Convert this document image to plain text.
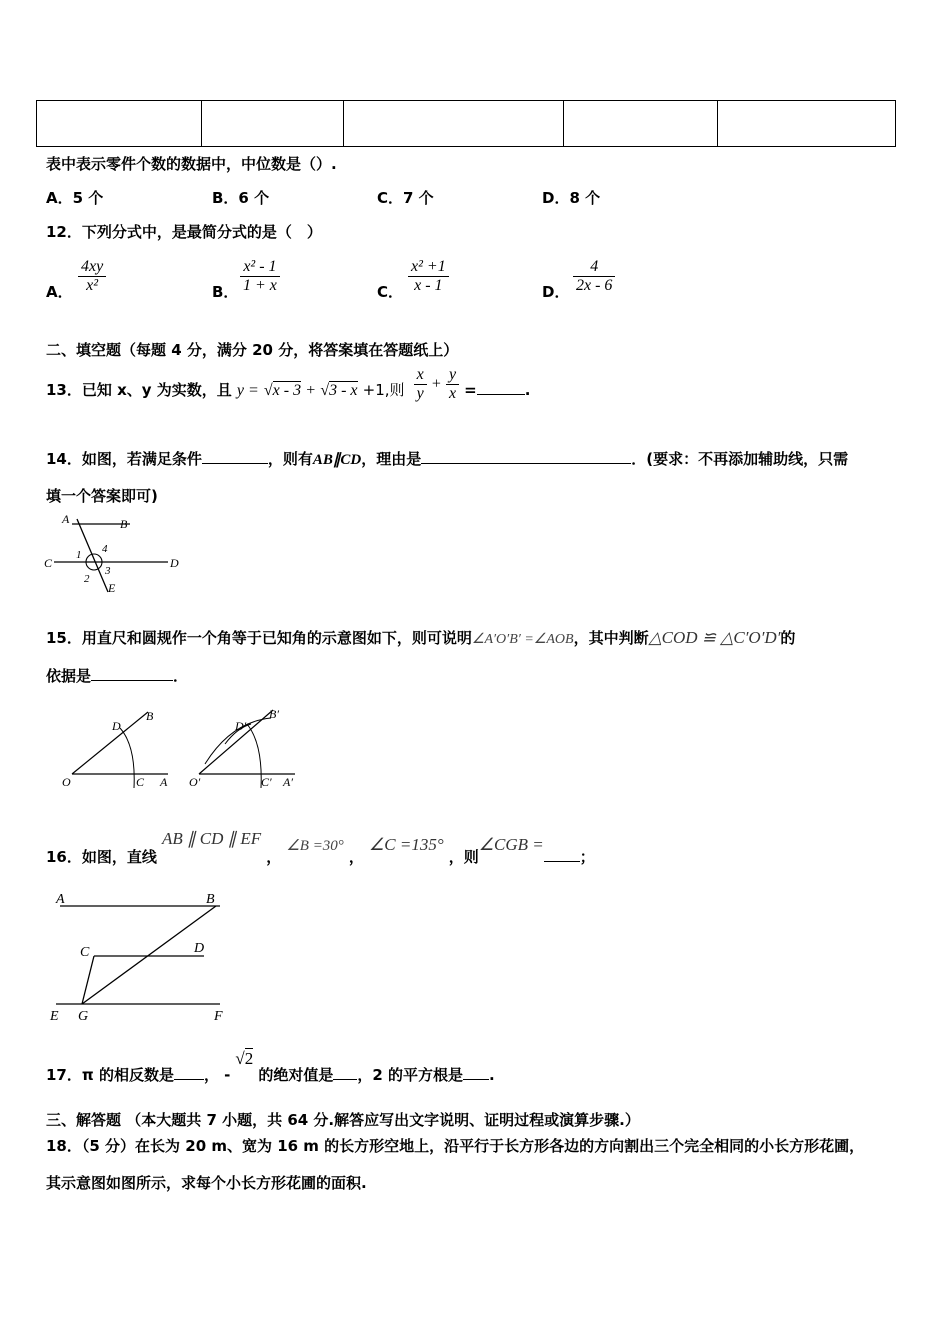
表中表示零件个数的数据中，中位数是（）.
A．5 个	B．6 个	C．7 个	D．8 个
12．下列分式中，是最简分式的是（　）
A． $\frac{4xy}{\text{x²}}$	B． $\frac{\text{x² - 1}}{1 + x}$	C． $\frac{\text{x² +1}}{x - 1}$	D． $\frac{4}{2x - 6}$
二、填空题（每题 4 分，满分 20 分，将答案填在答题纸上）
13．已知 x、y 为实数，且 y = √x - 3 + √3 - x +1,则 $\frac{x}{y} + \frac{y}{x}$ =	.
14．如图，若满足条件	，则有AB∥CD，理由是	．(要求：不再添加辅助线，只需
填一个答案即可)
A	B
C	D
E
1
2
3
4
15．用直尺和圆规作一个角等于已知角的示意图如下，则可说明∠A′O′B′ =∠AOB，其中判断△COD ≌ △C′O′D′的
依据是	．
O	C A
D
B
O′	C′ A′
D′
B′
16．如图，直线 AB ∥ CD ∥ EF ， ∠B =30° ， ∠C =135° ，则∠CGB =；
A	B
C	D
E G	F
17．π 的相反数是 ， - √2 的绝对值是 ，2 的平方根是 .
三、解答题 （本大题共 7 小题，共 64 分.解答应写出文字说明、证明过程或演算步骤.）
18．（5 分）在长为 20 m、宽为 16 m 的长方形空地上，沿平行于长方形各边的方向割出三个完全相同的小长方形花圃，
其示意图如图所示，求每个小长方形花圃的面积.
